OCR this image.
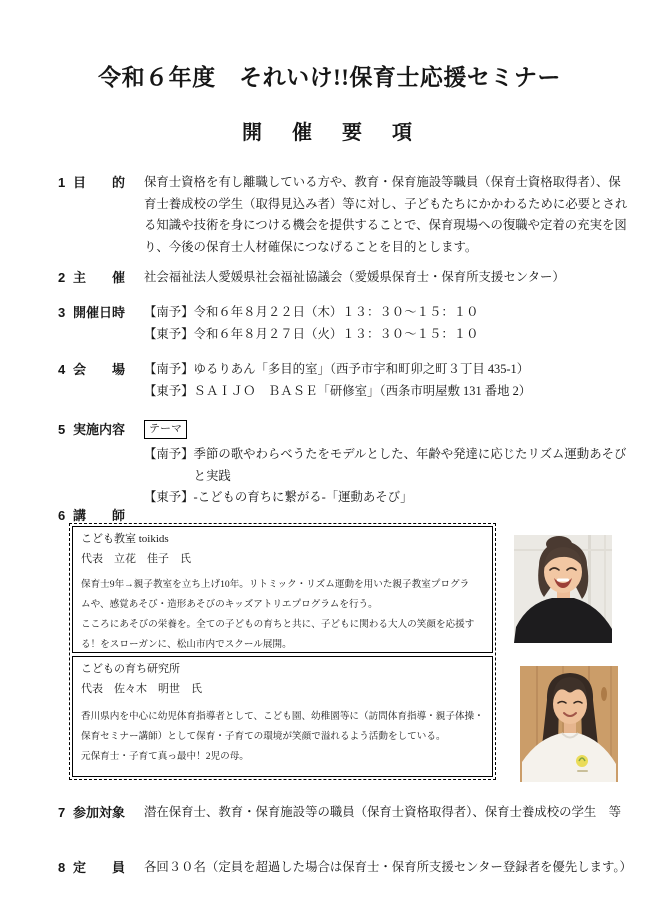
令和６年度　それいけ!!保育士応援セミナー
開　催　要　項
1 目　　的 保育士資格を有し離職している方や、教育・保育施設等職員（保育士資格取得者）、保
育士養成校の学生（取得見込み者）等に対し、子どもたちにかかわるために必要とされ
る知識や技術を身につける機会を提供することで、保育現場への復職や定着の充実を図
り、今後の保育士人材確保につなげることを目的とします。
2 主　　催 社会福祉法人愛媛県社会福祉協議会（愛媛県保育士・保育所支援センター）
3 開催日時 【南予】令和６年８月２２日（木）１３：３０～１５：１０
【東予】令和６年８月２７日（火）１３：３０～１５：１０
4 会　　場 【南予】ゆるりあん「多目的室」（西予市宇和町卯之町３丁目 435-1）
【東予】ＳＡＩＪＯ　ＢＡＳＥ「研修室」（西条市明屋敷 131 番地 2）
5 実施内容	テーマ
【南予】季節の歌やわらべうたをモデルとした、年齢や発達に応じたリズム運動あそび
　　　　と実践
【東予】-こどもの育ちに繋がる-「運動あそび」
6 講　　師
こども教室 toikids
代表　立花　佳子　氏
保育士9年→親子教室を立ち上げ10年。リトミック・リズム運動を用いた親子教室プログラ
ムや、感覚あそび・造形あそびのキッズアトリエプログラムを行う。
こころにあそびの栄養を。全ての子どもの育ちと共に、子どもに関わる大人の笑顔を応援す
る！をスローガンに、松山市内でスクール展開。
こどもの育ち研究所
代表　佐々木　明世　氏
香川県内を中心に幼児体育指導者として、こども園、幼稚園等に（訪問体育指導・親子体操・
保育セミナー講師）として保育・子育ての環境が笑顔で溢れるよう活動をしている。
元保育士・子育て真っ最中！2児の母。
7 参加対象 潜在保育士、教育・保育施設等の職員（保育士資格取得者）、保育士養成校の学生　等
8 定　　員 各回３０名（定員を超過した場合は保育士・保育所支援センター登録者を優先します。）
